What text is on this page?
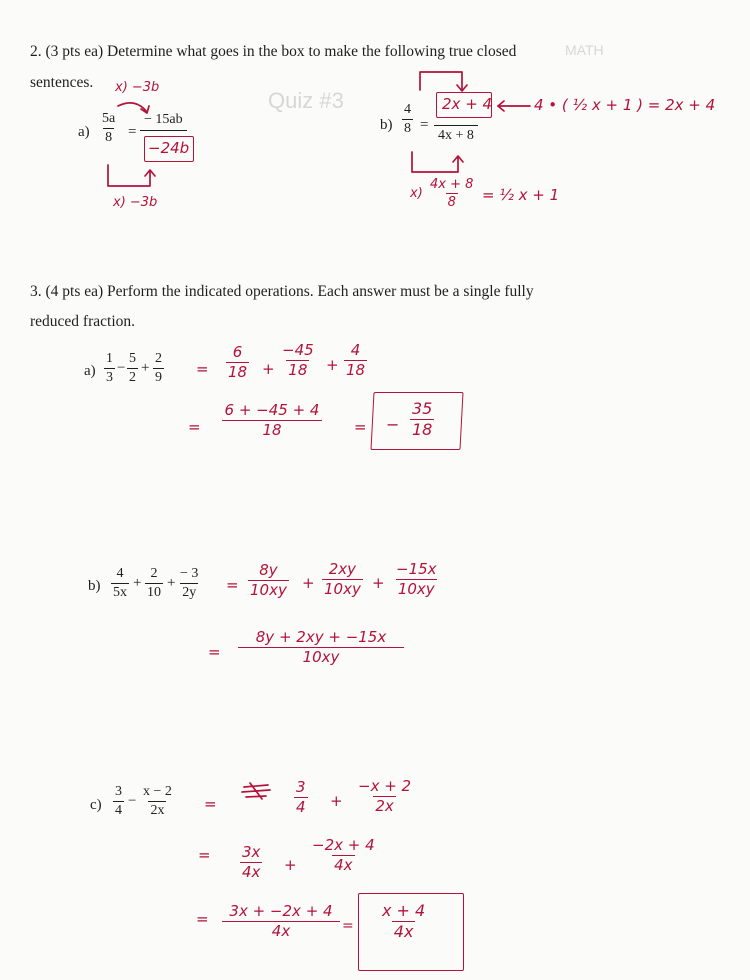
Quiz #3
MATH
2. (3 pts ea) Determine what goes in the box to make the following true closed
sentences.
$a) \frac{5a}{8}$ =
− 15ab
−24b
x) −3b
x) −3b
$b) \frac{4}{8}$ =
2x + 4
4x + 8
4 • ( ½ x + 1 ) = 2x + 4
$x) \frac{4x + 8}{8}$ = ½ x + 1
3. (4 pts ea) Perform the indicated operations. Each answer must be a single fully
reduced fraction.
$a) \frac{1}{3} - \frac{5}{2} + \frac{2}{9} = \frac{6}{18} + \frac{-45}{18} + \frac{4}{18}$
= $\frac{6 + -45 + 4}{18}$ = − $\frac{35}{18}$
$b) \frac{4}{5x} + \frac{2}{10} + \frac{- 3}{2y} = \frac{8y}{10xy} + \frac{2xy}{10xy} + \frac{-15x}{10xy}$
= $\frac{8y + 2xy + -15x}{10xy}$
$c) \frac{3}{4} - \frac{x - 2}{2x}$ =	$\frac{3}{4} + \frac{-x + 2}{2x}$
= $\frac{3x}{4x} + \frac{-2x + 4}{4x}$
= $\frac{3x + -2x + 4}{4x} = \frac{x + 4}{4x}$
